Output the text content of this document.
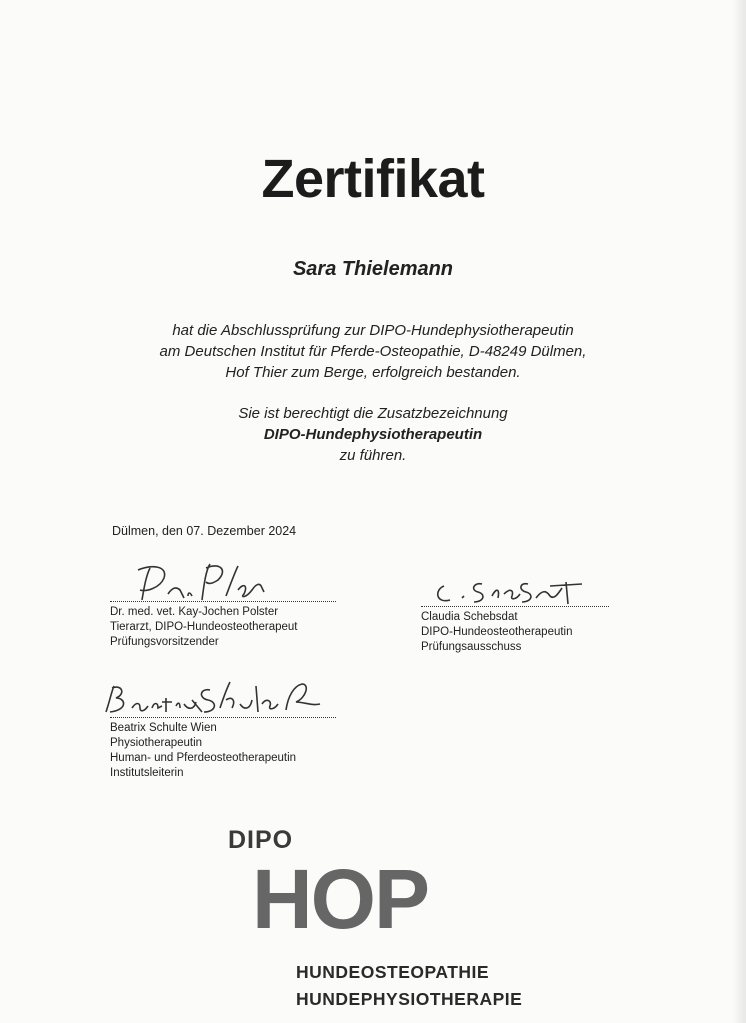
Zertifikat
Sara Thielemann
hat die Abschlussprüfung zur DIPO-Hundephysiotherapeutin
am Deutschen Institut für Pferde-Osteopathie, D-48249 Dülmen,
Hof Thier zum Berge, erfolgreich bestanden.
Sie ist berechtigt die Zusatzbezeichnung
DIPO-Hundephysiotherapeutin
zu führen.
Dülmen, den 07. Dezember 2024
Dr. med. vet. Kay-Jochen Polster
Tierarzt, DIPO-Hundeosteotherapeut
Prüfungsvorsitzender
Claudia Schebsdat
DIPO-Hundeosteotherapeutin
Prüfungsausschuss
Beatrix Schulte Wien
Physiotherapeutin
Human- und Pferdeosteotherapeutin
Institutsleiterin
DIPO
HOP
HUNDEOSTEOPATHIE
HUNDEPHYSIOTHERAPIE
